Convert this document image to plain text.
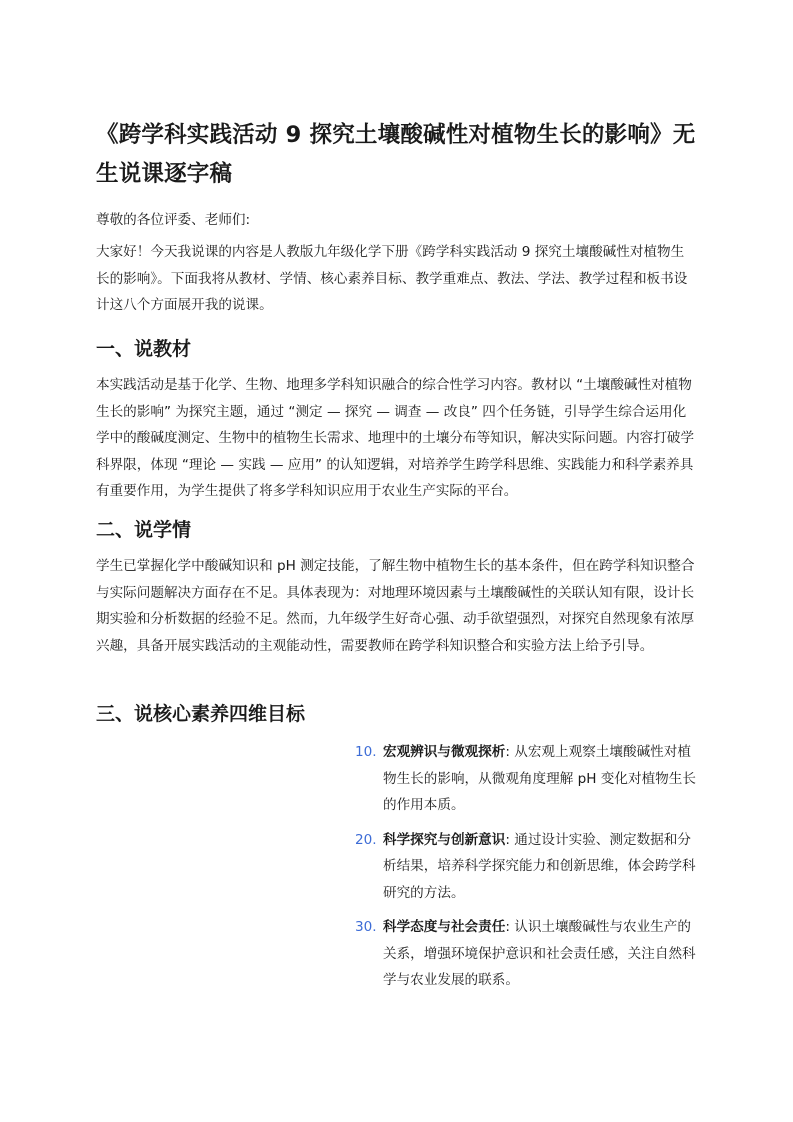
《跨学科实践活动 9 探究土壤酸碱性对植物生长的影响》无生说课逐字稿

尊敬的各位评委、老师们:

大家好！今天我说课的内容是人教版九年级化学下册《跨学科实践活动 9 探究土壤酸碱性对植物生长的影响》。下面我将从教材、学情、核心素养目标、教学重难点、教法、学法、教学过程和板书设计这八个方面展开我的说课。

一、说教材

本实践活动是基于化学、生物、地理多学科知识融合的综合性学习内容。教材以 “土壤酸碱性对植物生长的影响” 为探究主题，通过 “测定 — 探究 — 调查 — 改良” 四个任务链，引导学生综合运用化学中的酸碱度测定、生物中的植物生长需求、地理中的土壤分布等知识，解决实际问题。内容打破学科界限，体现 “理论 — 实践 — 应用” 的认知逻辑，对培养学生跨学科思维、实践能力和科学素养具有重要作用，为学生提供了将多学科知识应用于农业生产实际的平台。

二、说学情

学生已掌握化学中酸碱知识和 pH 测定技能，了解生物中植物生长的基本条件，但在跨学科知识整合与实际问题解决方面存在不足。具体表现为：对地理环境因素与土壤酸碱性的关联认知有限，设计长期实验和分析数据的经验不足。然而，九年级学生好奇心强、动手欲望强烈，对探究自然现象有浓厚兴趣，具备开展实践活动的主观能动性，需要教师在跨学科知识整合和实验方法上给予引导。

三、说核心素养四维目标
10. 宏观辨识与微观探析: 从宏观上观察土壤酸碱性对植物生长的影响，从微观角度理解 pH 变化对植物生长的作用本质。
20. 科学探究与创新意识: 通过设计实验、测定数据和分析结果，培养科学探究能力和创新思维，体会跨学科研究的方法。
30. 科学态度与社会责任: 认识土壤酸碱性与农业生产的关系，增强环境保护意识和社会责任感，关注自然科学与农业发展的联系。
